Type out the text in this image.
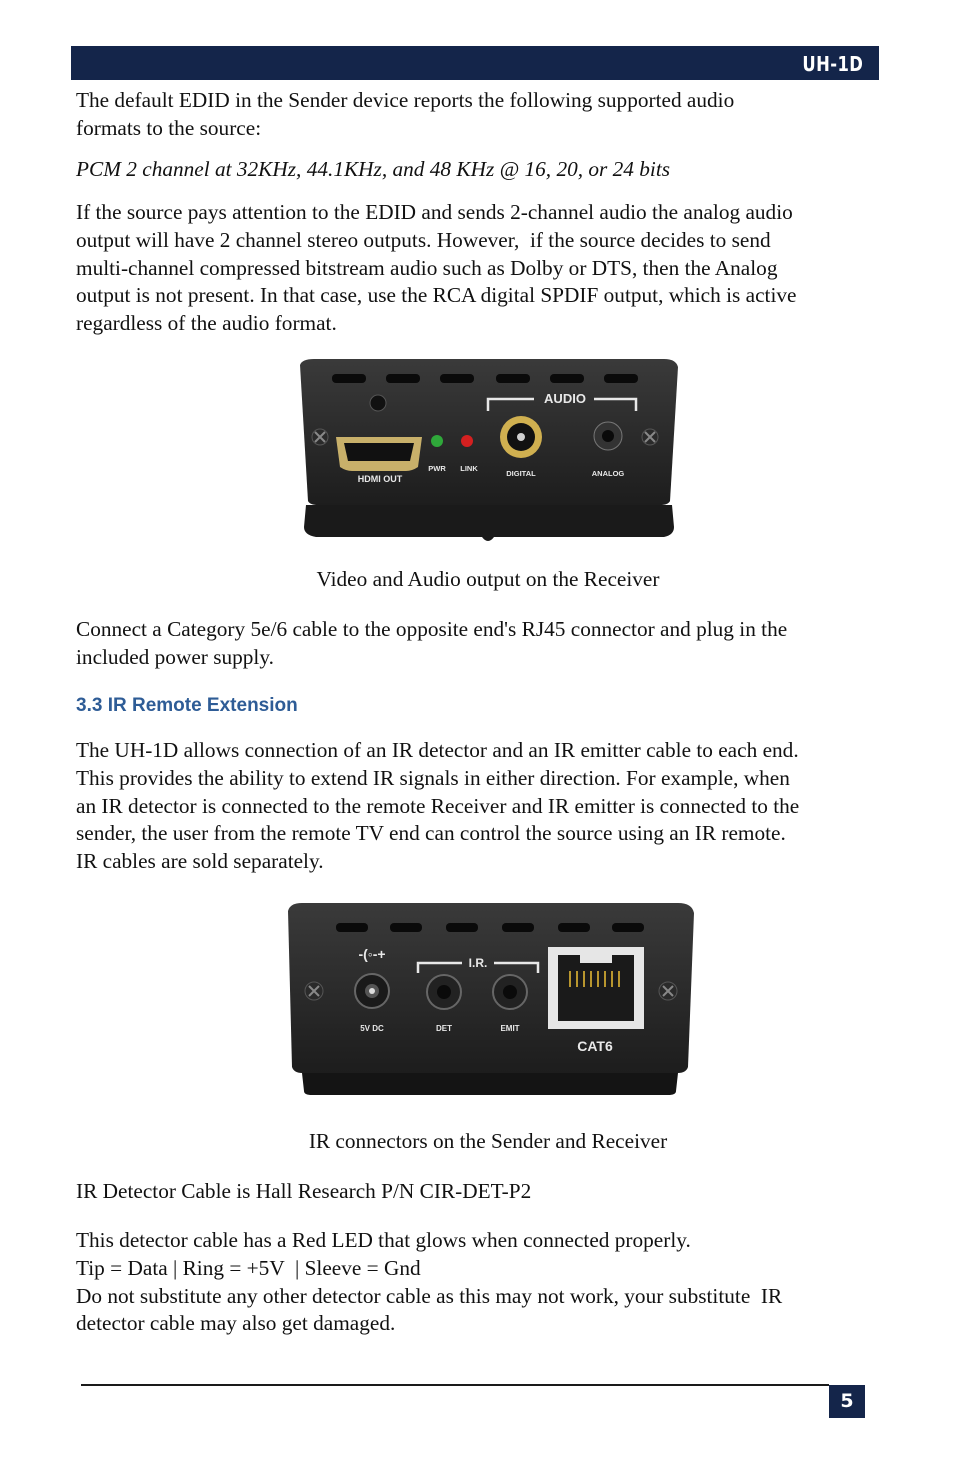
UH-1D

The default EDID in the Sender device reports the following supported audio
formats to the source:

PCM 2 channel at 32KHz, 44.1KHz, and 48 KHz @ 16, 20, or 24 bits

If the source pays attention to the EDID and sends 2-channel audio the analog audio
output will have 2 channel stereo outputs. However,  if the source decides to send
multi-channel compressed bitstream audio such as Dolby or DTS, then the Analog
output is not present. In that case, use the RCA digital SPDIF output, which is active
regardless of the audio format.

HDMI OUT
PWR LINK
AUDIO
DIGITAL	ANALOG

Video and Audio output on the Receiver

Connect a Category 5e/6 cable to the opposite end's RJ45 connector and plug in the
included power supply.

3.3 IR Remote Extension

The UH-1D allows connection of an IR detector and an IR emitter cable to each end.
This provides the ability to extend IR signals in either direction. For example, when
an IR detector is connected to the remote Receiver and IR emitter is connected to the
sender, the user from the remote TV end can control the source using an IR remote.
IR cables are sold separately.

-(◦-+
5V DC
I.R.
DET	EMIT
CAT6

IR connectors on the Sender and Receiver

IR Detector Cable is Hall Research P/N CIR-DET-P2

This detector cable has a Red LED that glows when connected properly.
Tip = Data | Ring = +5V  | Sleeve = Gnd
Do not substitute any other detector cable as this may not work, your substitute  IR
detector cable may also get damaged.

5
